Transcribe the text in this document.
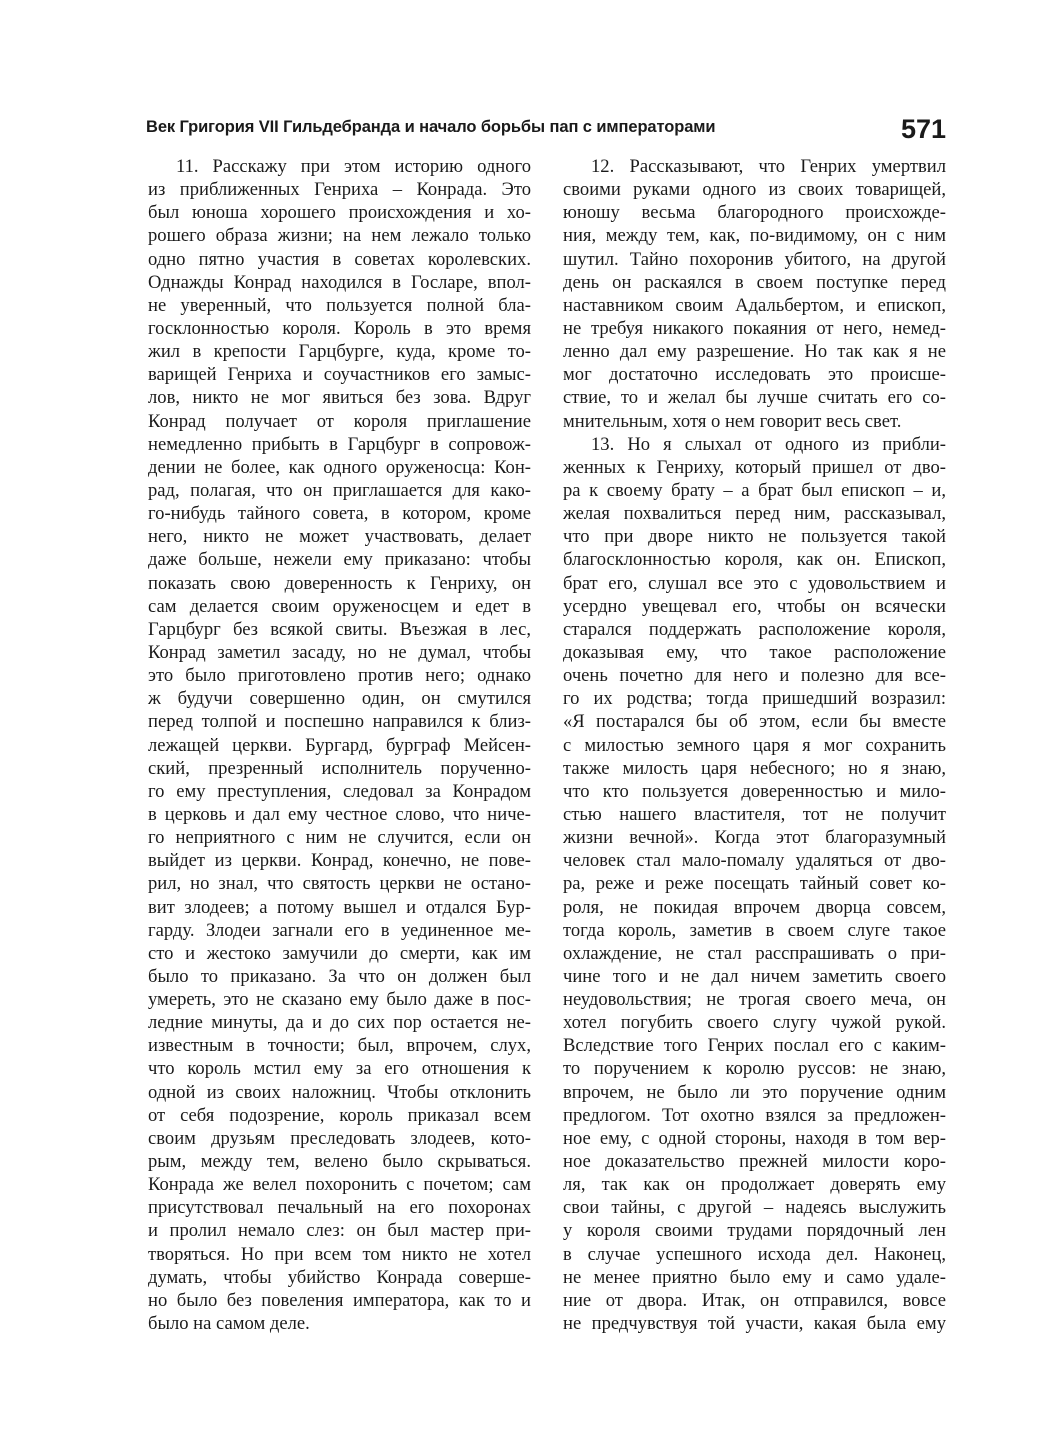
Век Григория VII Гильдебранда и начало борьбы пап с императорами	571
11. Расскажу при этом историю одного
из приближенных Генриха – Конрада. Это
был юноша хорошего происхождения и хо-
рошего образа жизни; на нем лежало только
одно пятно участия в советах королевских.
Однажды Конрад находился в Госларе, впол-
не уверенный, что пользуется полной бла-
госклонностью короля. Король в это время
жил в крепости Гарцбурге, куда, кроме то-
варищей Генриха и соучастников его замыс-
лов, никто не мог явиться без зова. Вдруг
Конрад получает от короля приглашение
немедленно прибыть в Гарцбург в сопровож-
дении не более, как одного оруженосца: Кон-
рад, полагая, что он приглашается для како-
го-нибудь тайного совета, в котором, кроме
него, никто не может участвовать, делает
даже больше, нежели ему приказано: чтобы
показать свою доверенность к Генриху, он
сам делается своим оруженосцем и едет в
Гарцбург без всякой свиты. Въезжая в лес,
Конрад заметил засаду, но не думал, чтобы
это было приготовлено против него; однако
ж будучи совершенно один, он смутился
перед толпой и поспешно направился к близ-
лежащей церкви. Бургард, бурграф Мейсен-
ский, презренный исполнитель порученно-
го ему преступления, следовал за Конрадом
в церковь и дал ему честное слово, что ниче-
го неприятного с ним не случится, если он
выйдет из церкви. Конрад, конечно, не пове-
рил, но знал, что святость церкви не остано-
вит злодеев; а потому вышел и отдался Бур-
гарду. Злодеи загнали его в уединенное ме-
сто и жестоко замучили до смерти, как им
было то приказано. За что он должен был
умереть, это не сказано ему было даже в пос-
ледние минуты, да и до сих пор остается не-
известным в точности; был, впрочем, слух,
что король мстил ему за его отношения к
одной из своих наложниц. Чтобы отклонить
от себя подозрение, король приказал всем
своим друзьям преследовать злодеев, кото-
рым, между тем, велено было скрываться.
Конрада же велел похоронить с почетом; сам
присутствовал печальный на его похоронах
и пролил немало слез: он был мастер при-
творяться. Но при всем том никто не хотел
думать, чтобы убийство Конрада соверше-
но было без повеления императора, как то и
было на самом деле.
12. Рассказывают, что Генрих умертвил
своими руками одного из своих товарищей,
юношу весьма благородного происхожде-
ния, между тем, как, по-видимому, он с ним
шутил. Тайно похоронив убитого, на другой
день он раскаялся в своем поступке перед
наставником своим Адальбертом, и епископ,
не требуя никакого покаяния от него, немед-
ленно дал ему разрешение. Но так как я не
мог достаточно исследовать это происше-
ствие, то и желал бы лучше считать его со-
мнительным, хотя о нем говорит весь свет.
13. Но я слыхал от одного из прибли-
женных к Генриху, который пришел от дво-
ра к своему брату – а брат был епископ – и,
желая похвалиться перед ним, рассказывал,
что при дворе никто не пользуется такой
благосклонностью короля, как он. Епископ,
брат его, слушал все это с удовольствием и
усердно увещевал его, чтобы он всячески
старался поддержать расположение короля,
доказывая ему, что такое расположение
очень почетно для него и полезно для все-
го их родства; тогда пришедший возразил:
«Я постарался бы об этом, если бы вместе
с милостью земного царя я мог сохранить
также милость царя небесного; но я знаю,
что кто пользуется доверенностью и мило-
стью нашего властителя, тот не получит
жизни вечной». Когда этот благоразумный
человек стал мало-помалу удаляться от дво-
ра, реже и реже посещать тайный совет ко-
роля, не покидая впрочем дворца совсем,
тогда король, заметив в своем слуге такое
охлаждение, не стал расспрашивать о при-
чине того и не дал ничем заметить своего
неудовольствия; не трогая своего меча, он
хотел погубить своего слугу чужой рукой.
Вследствие того Генрих послал его с каким-
то поручением к королю руссов: не знаю,
впрочем, не было ли это поручение одним
предлогом. Тот охотно взялся за предложен-
ное ему, с одной стороны, находя в том вер-
ное доказательство прежней милости коро-
ля, так как он продолжает доверять ему
свои тайны, с другой – надеясь выслужить
у короля своими трудами порядочный лен
в случае успешного исхода дел. Наконец,
не менее приятно было ему и само удале-
ние от двора. Итак, он отправился, вовсе
не предчувствуя той участи, какая была ему
